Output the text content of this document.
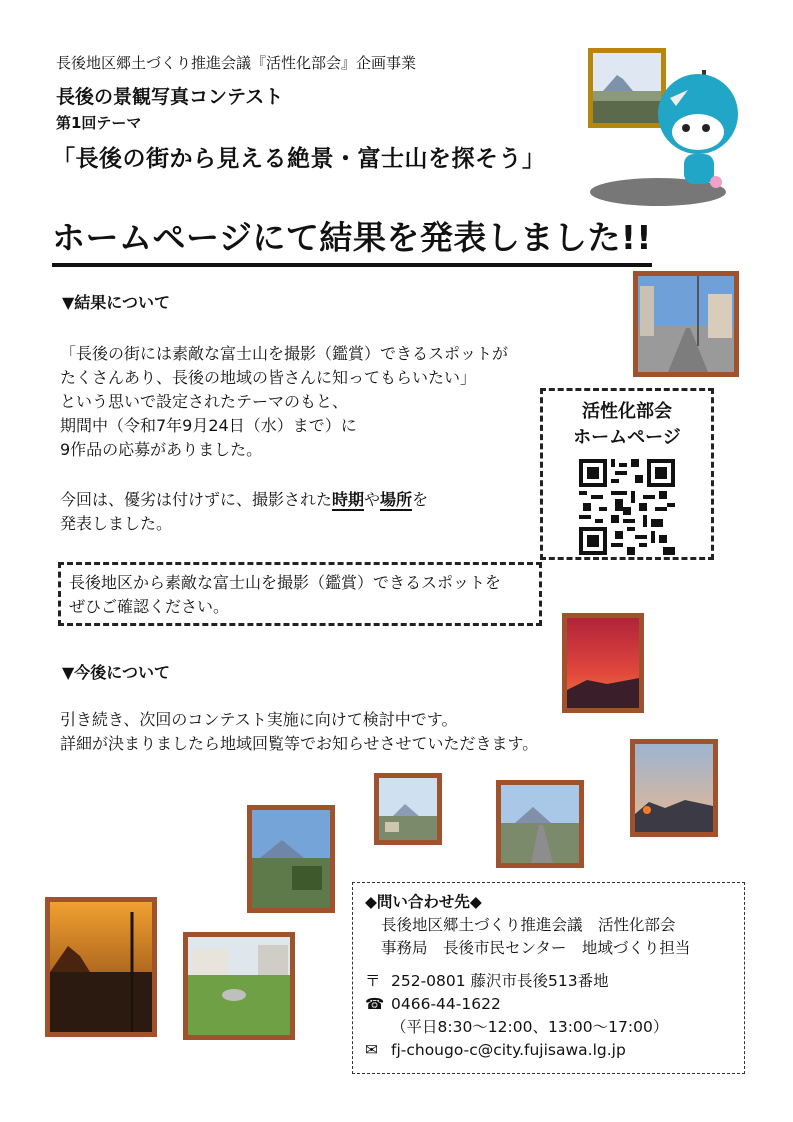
長後地区郷土づくり推進会議『活性化部会』企画事業
長後の景観写真コンテスト
第1回テーマ
「長後の街から見える絶景・富士山を探そう」
ホームページにて結果を発表しました!!
▼結果について

「長後の街には素敵な富士山を撮影（鑑賞）できるスポットが

たくさんあり、長後の地域の皆さんに知ってもらいたい」

という思いで設定されたテーマのもと、

期間中（令和7年9月24日（水）まで）に

9作品の応募がありました。

今回は、優劣は付けずに、撮影された時期や場所を

発表しました。

長後地区から素敵な富士山を撮影（鑑賞）できるスポットを

ぜひご確認ください。

活性化部会
ホームページ
▼今後について

引き続き、次回のコンテスト実施に向けて検討中です。

詳細が決まりましたら地域回覧等でお知らせさせていただきます。

◆問い合わせ先◆
長後地区郷土づくり推進会議　活性化部会
事務局　長後市民センター　地域づくり担当
〒 252-0801 藤沢市長後513番地
☎ 0466-44-1622
（平日8:30～12:00、13:00～17:00）
✉ fj-chougo-c@city.fujisawa.lg.jp
